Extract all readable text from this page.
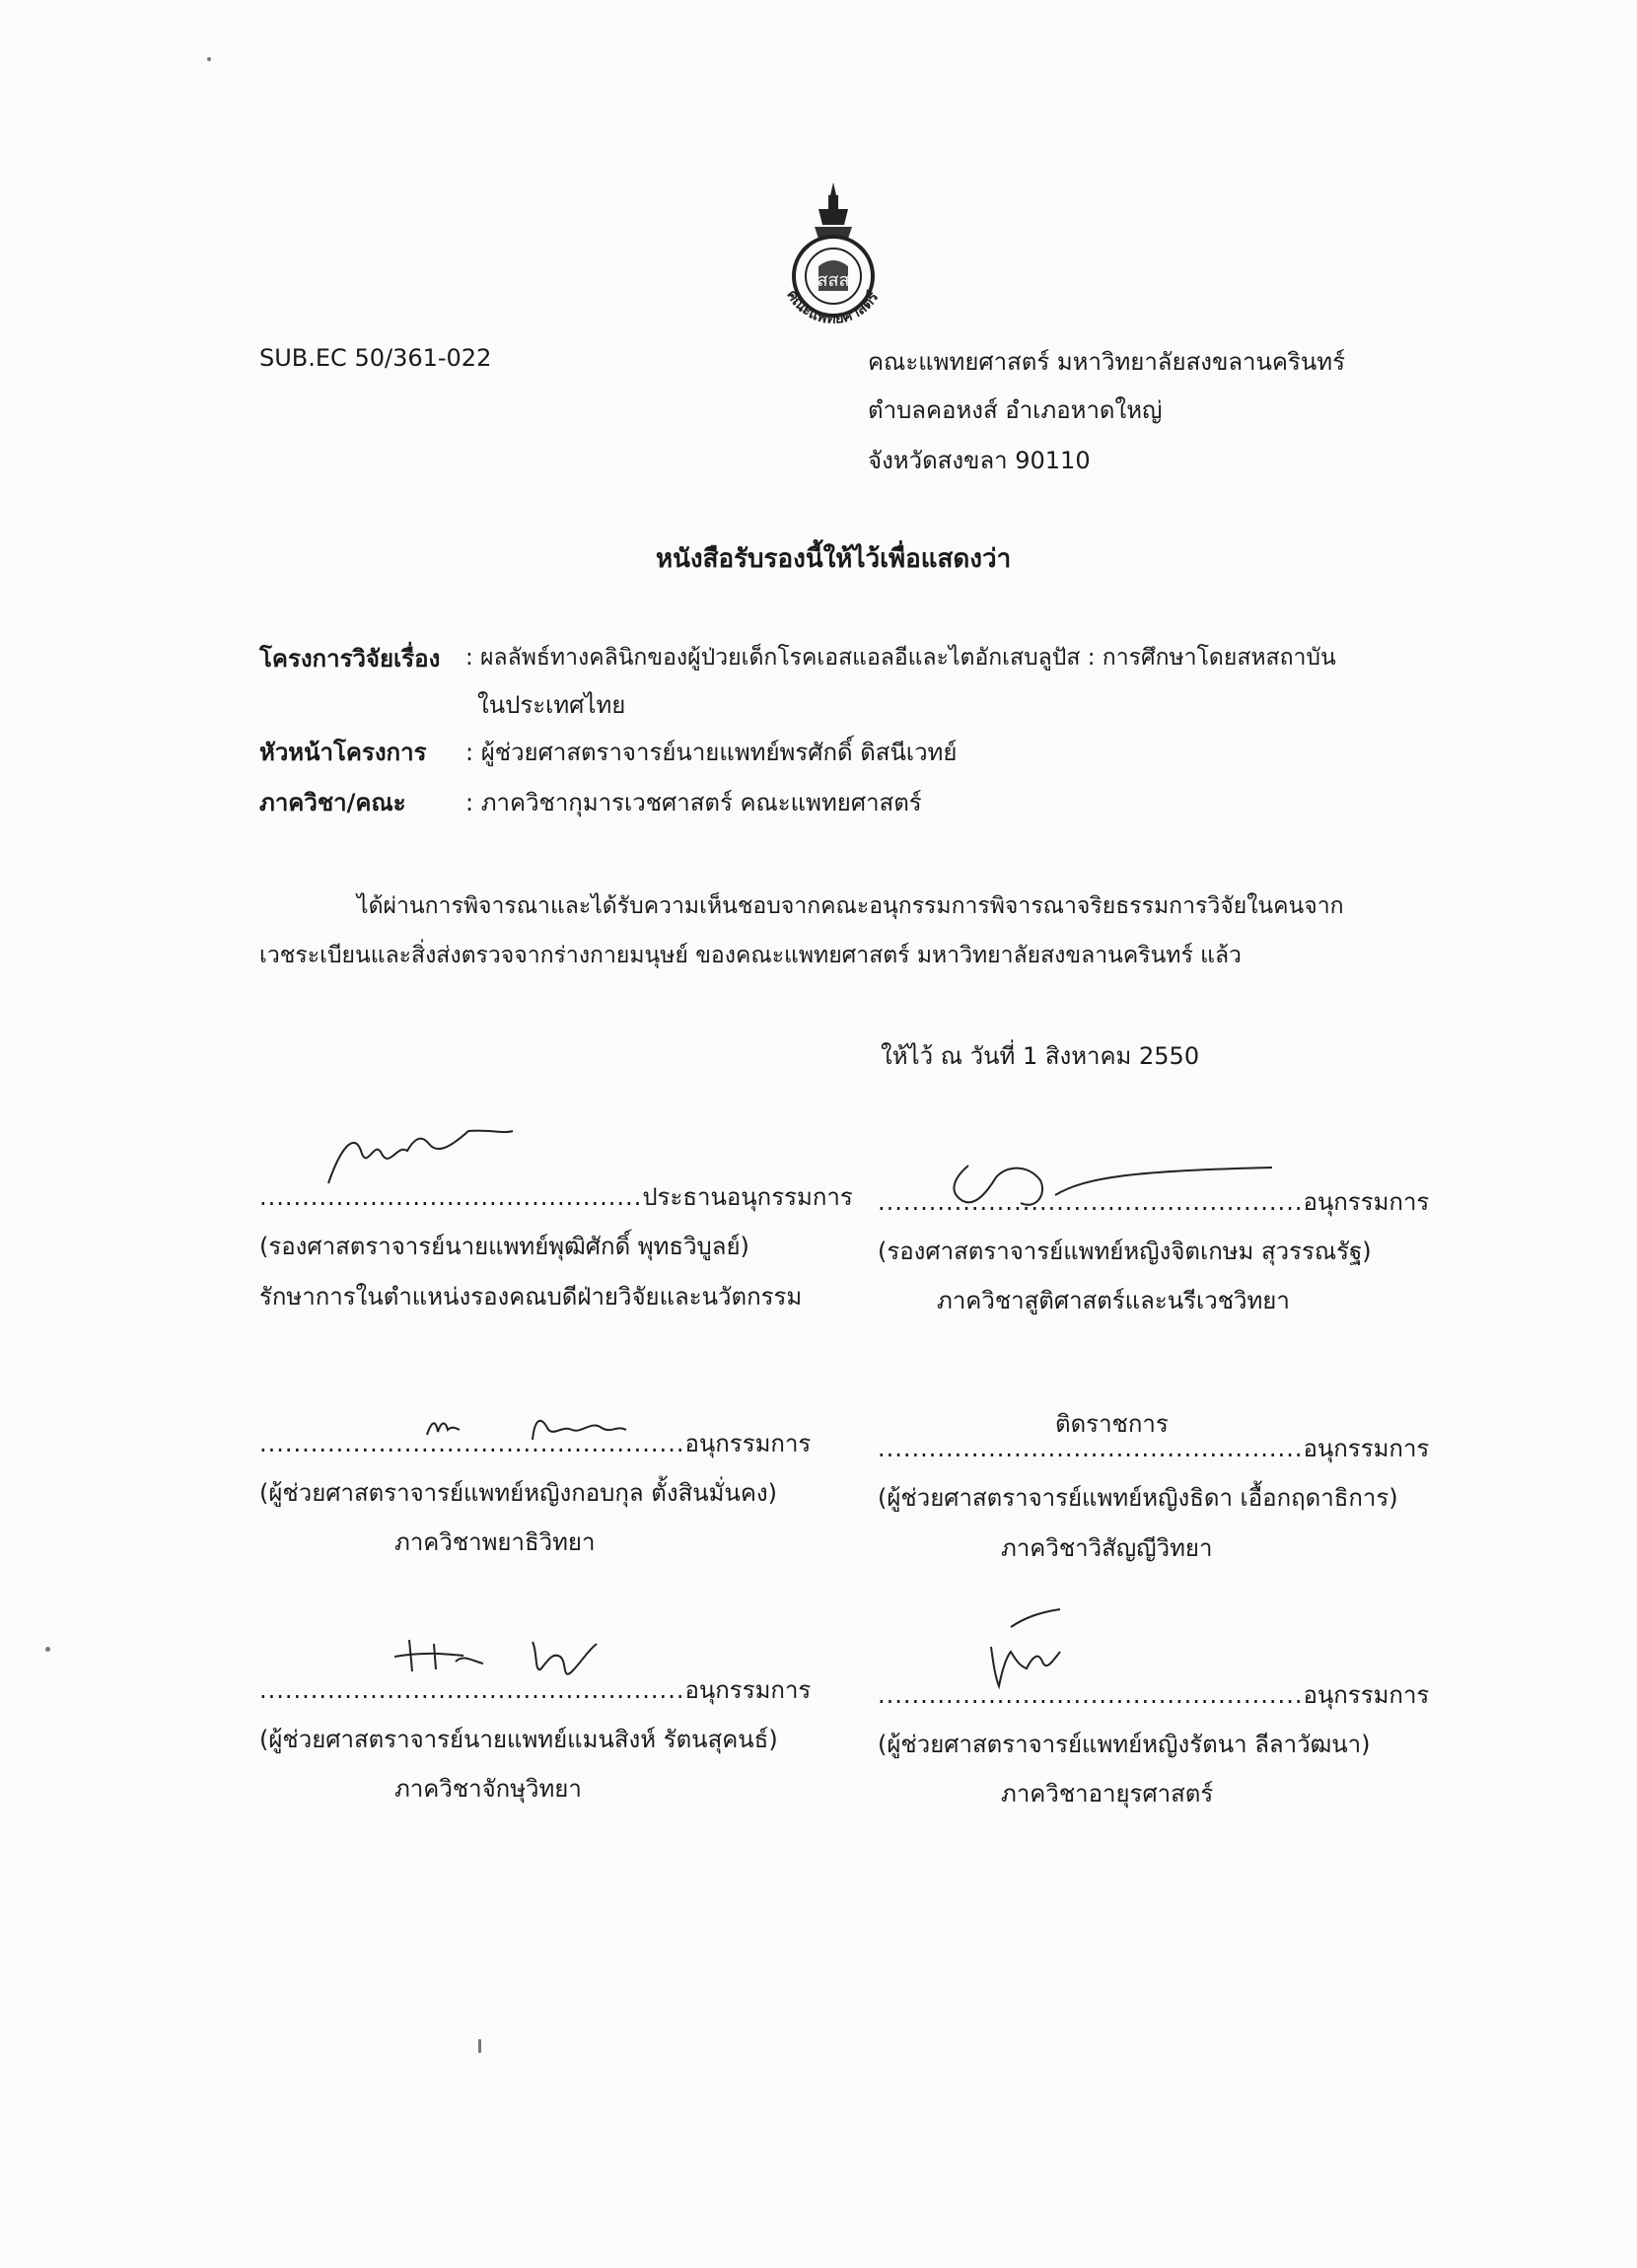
สสส
คณะแพทยศาสตร์
SUB.EC 50/361-022	คณะแพทยศาสตร์ มหาวิทยาลัยสงขลานครินทร์
ตำบลคอหงส์ อำเภอหาดใหญ่
จังหวัดสงขลา 90110
หนังสือรับรองนี้ให้ไว้เพื่อแสดงว่า
โครงการวิจัยเรื่อง : ผลลัพธ์ทางคลินิกของผู้ป่วยเด็กโรคเอสแอลอีและไตอักเสบลูปัส : การศึกษาโดยสหสถาบัน
ในประเทศไทย
หัวหน้าโครงการ : ผู้ช่วยศาสตราจารย์นายแพทย์พรศักดิ์ ดิสนีเวทย์
ภาควิชา/คณะ	: ภาควิชากุมารเวชศาสตร์ คณะแพทยศาสตร์
ได้ผ่านการพิจารณาและได้รับความเห็นชอบจากคณะอนุกรรมการพิจารณาจริยธรรมการวิจัยในคนจาก
เวชระเบียนและสิ่งส่งตรวจจากร่างกายมนุษย์ ของคณะแพทยศาสตร์ มหาวิทยาลัยสงขลานครินทร์ แล้ว
ให้ไว้ ณ วันที่ 1 สิงหาคม 2550
.............................................ประธานอนุกรรมการ
(รองศาสตราจารย์นายแพทย์พุฒิศักดิ์ พุทธวิบูลย์)
รักษาการในตำแหน่งรองคณบดีฝ่ายวิจัยและนวัตกรรม
..................................................อนุกรรมการ
(รองศาสตราจารย์แพทย์หญิงจิตเกษม สุวรรณรัฐ)
ภาควิชาสูติศาสตร์และนรีเวชวิทยา
..................................................อนุกรรมการ
(ผู้ช่วยศาสตราจารย์แพทย์หญิงกอบกุล ตั้งสินมั่นคง)
ภาควิชาพยาธิวิทยา
ติดราชการ
..................................................อนุกรรมการ
(ผู้ช่วยศาสตราจารย์แพทย์หญิงธิดา เอื้อกฤดาธิการ)
ภาควิชาวิสัญญีวิทยา
..................................................อนุกรรมการ
(ผู้ช่วยศาสตราจารย์นายแพทย์แมนสิงห์ รัตนสุคนธ์)
ภาควิชาจักษุวิทยา
..................................................อนุกรรมการ
(ผู้ช่วยศาสตราจารย์แพทย์หญิงรัตนา ลีลาวัฒนา)
ภาควิชาอายุรศาสตร์
